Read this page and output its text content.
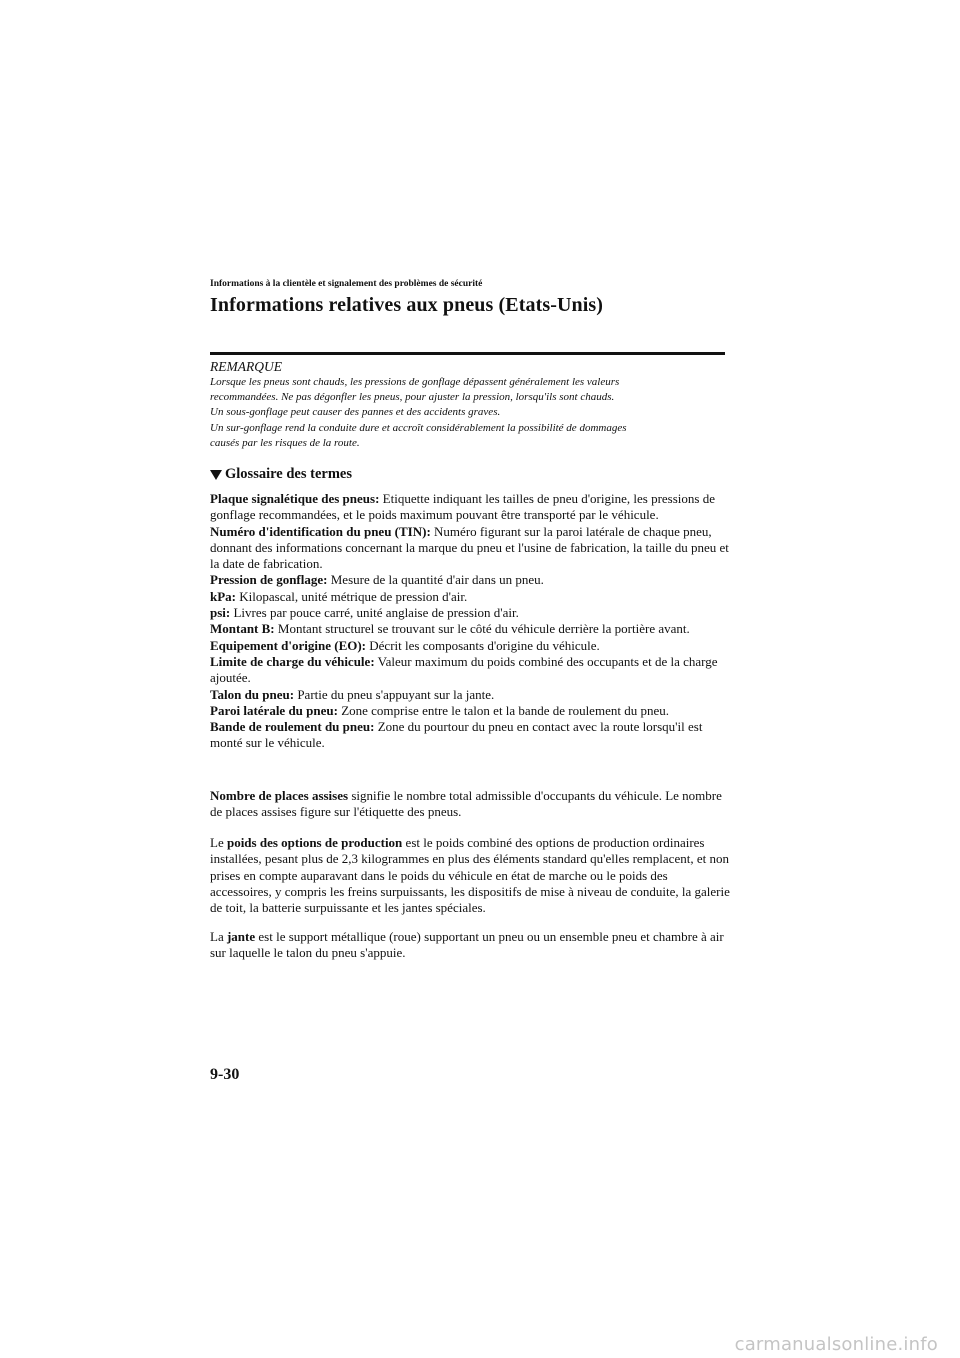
Informations à la clientèle et signalement des problèmes de sécurité
Informations relatives aux pneus (Etats-Unis)
REMARQUE
Lorsque les pneus sont chauds, les pressions de gonflage dépassent généralement les valeurs
recommandées. Ne pas dégonfler les pneus, pour ajuster la pression, lorsqu'ils sont chauds.
Un sous-gonflage peut causer des pannes et des accidents graves.
Un sur-gonflage rend la conduite dure et accroît considérablement la possibilité de dommages
causés par les risques de la route.
Glossaire des termes

Plaque signalétique des pneus: Etiquette indiquant les tailles de pneu d'origine, les pressions de gonflage recommandées, et le poids maximum pouvant être transporté par le véhicule.

Numéro d'identification du pneu (TIN): Numéro figurant sur la paroi latérale de chaque pneu, donnant des informations concernant la marque du pneu et l'usine de fabrication, la taille du pneu et la date de fabrication.

Pression de gonflage: Mesure de la quantité d'air dans un pneu.

kPa: Kilopascal, unité métrique de pression d'air.

psi: Livres par pouce carré, unité anglaise de pression d'air.

Montant B: Montant structurel se trouvant sur le côté du véhicule derrière la portière avant.

Equipement d'origine (EO): Décrit les composants d'origine du véhicule.

Limite de charge du véhicule: Valeur maximum du poids combiné des occupants et de la charge ajoutée.

Talon du pneu: Partie du pneu s'appuyant sur la jante.

Paroi latérale du pneu: Zone comprise entre le talon et la bande de roulement du pneu.

Bande de roulement du pneu: Zone du pourtour du pneu en contact avec la route lorsqu'il est monté sur le véhicule.

Nombre de places assises signifie le nombre total admissible d'occupants du véhicule. Le nombre de places assises figure sur l'étiquette des pneus.

Le poids des options de production est le poids combiné des options de production ordinaires installées, pesant plus de 2,3 kilogrammes en plus des éléments standard qu'elles remplacent, et non prises en compte auparavant dans le poids du véhicule en état de marche ou le poids des accessoires, y compris les freins surpuissants, les dispositifs de mise à niveau de conduite, la galerie de toit, la batterie surpuissante et les jantes spéciales.

La jante est le support métallique (roue) supportant un pneu ou un ensemble pneu et chambre à air sur laquelle le talon du pneu s'appuie.

9-30
carmanualsonline.info
